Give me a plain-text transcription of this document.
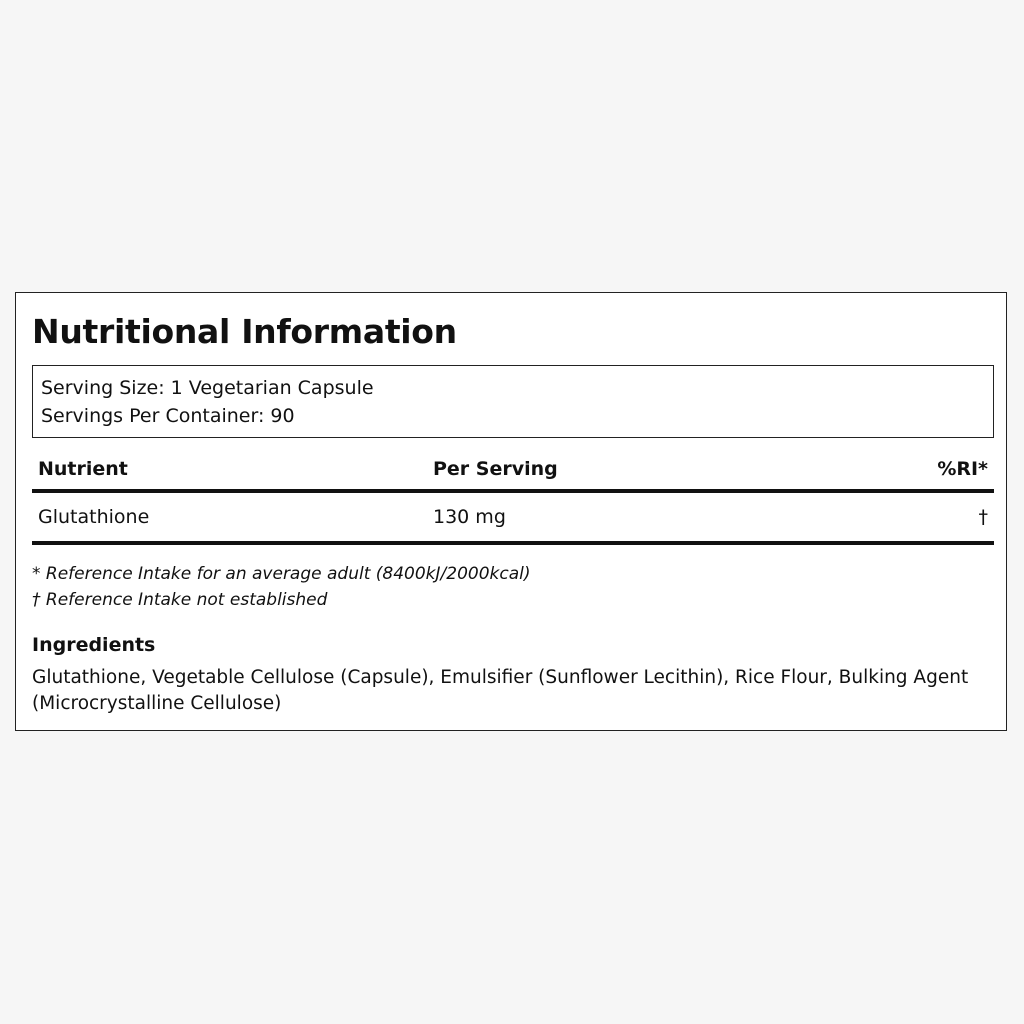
Nutritional Information
Serving Size: 1 Vegetarian Capsule
Servings Per Container: 90
Nutrient	Per Serving	%RI*
Glutathione	130 mg	†
* Reference Intake for an average adult (8400kJ/2000kcal)
† Reference Intake not established
Ingredients

Glutathione, Vegetable Cellulose (Capsule), Emulsifier (Sunflower Lecithin), Rice Flour, Bulking Agent (Microcrystalline Cellulose)
